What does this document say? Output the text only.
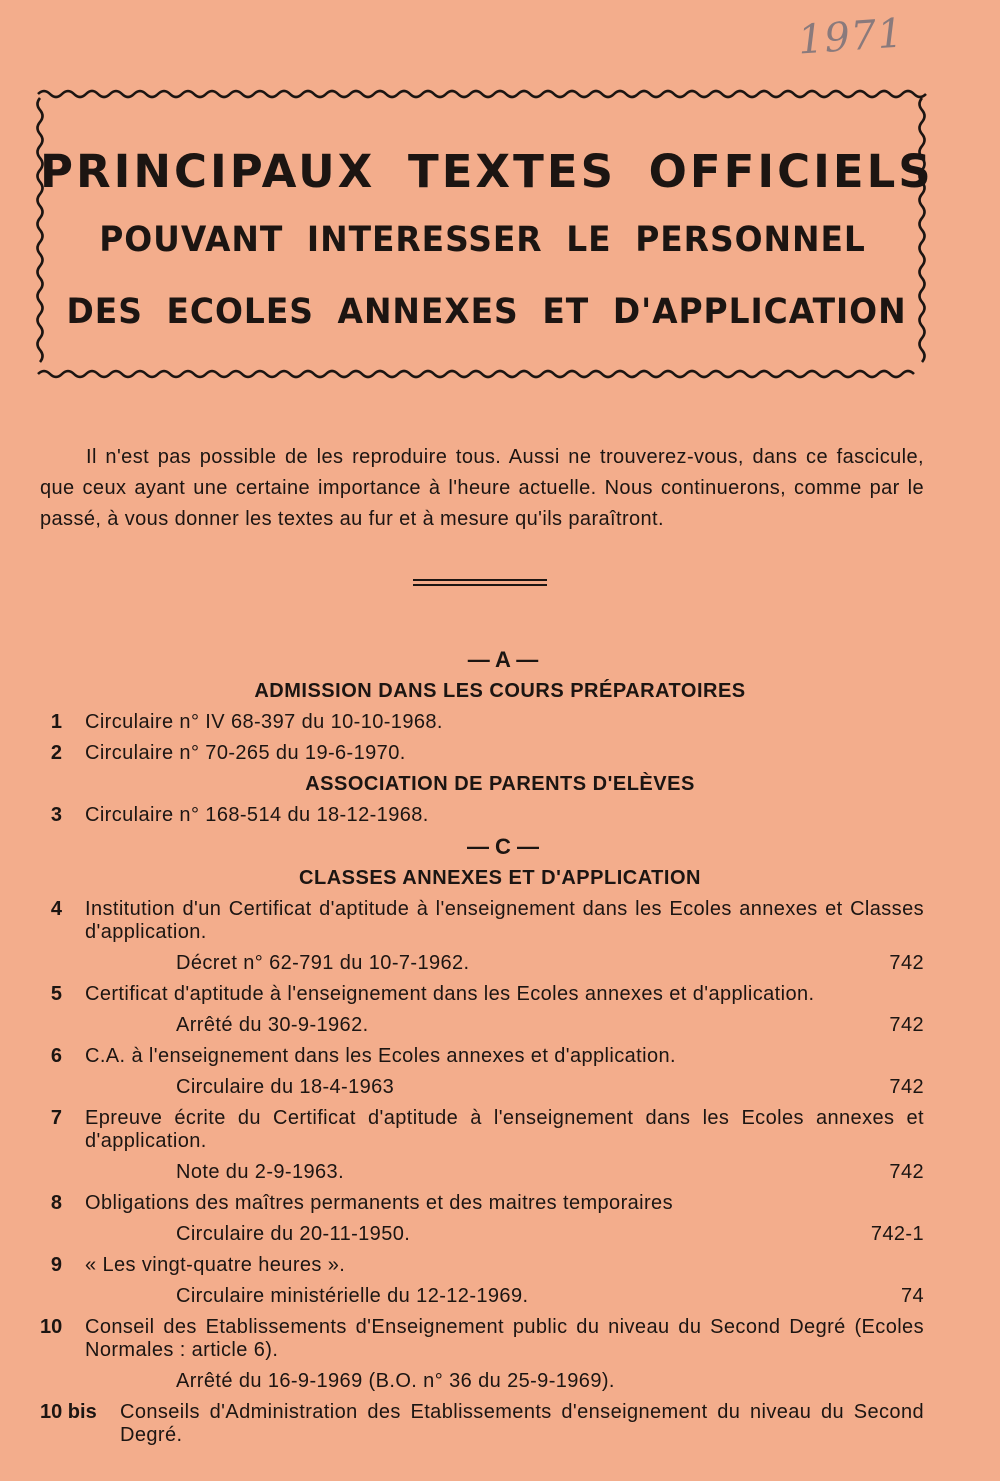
1971

PRINCIPAUX TEXTES OFFICIELS

POUVANT INTERESSER LE PERSONNEL

DES ECOLES ANNEXES ET D'APPLICATION

Il n'est pas possible de les reproduire tous. Aussi ne trouverez-vous, dans ce fascicule, que ceux ayant une certaine importance à l'heure actuelle. Nous continuerons, comme par le passé, à vous donner les textes au fur et à mesure qu'ils paraîtront.

— A —

ADMISSION DANS LES COURS PRÉPARATOIRES

1 Circulaire n° IV 68-397 du 10-10-1968.
2 Circulaire n° 70-265 du 19-6-1970.

ASSOCIATION DE PARENTS D'ELÈVES

3 Circulaire n° 168-514 du 18-12-1968.

— C —

CLASSES ANNEXES ET D'APPLICATION

4 Institution d'un Certificat d'aptitude à l'enseignement dans les Ecoles annexes et Classes d'application.
Décret n° 62-791 du 10-7-1962.	742
5 Certificat d'aptitude à l'enseignement dans les Ecoles annexes et d'application.
Arrêté du 30-9-1962.	742
6 C.A. à l'enseignement dans les Ecoles annexes et d'application.
Circulaire du 18-4-1963	742
7 Epreuve écrite du Certificat d'aptitude à l'enseignement dans les Ecoles annexes et d'application.
Note du 2-9-1963.	742
8 Obligations des maîtres permanents et des maitres temporaires
Circulaire du 20-11-1950.	742-1
9 « Les vingt-quatre heures ».
Circulaire ministérielle du 12-12-1969.	74
10 Conseil des Etablissements d'Enseignement public du niveau du Second Degré (Ecoles Normales : article 6).
Arrêté du 16-9-1969 (B.O. n° 36 du 25-9-1969).
10 bis Conseils d'Administration des Etablissements d'enseignement du niveau du Second Degré.
